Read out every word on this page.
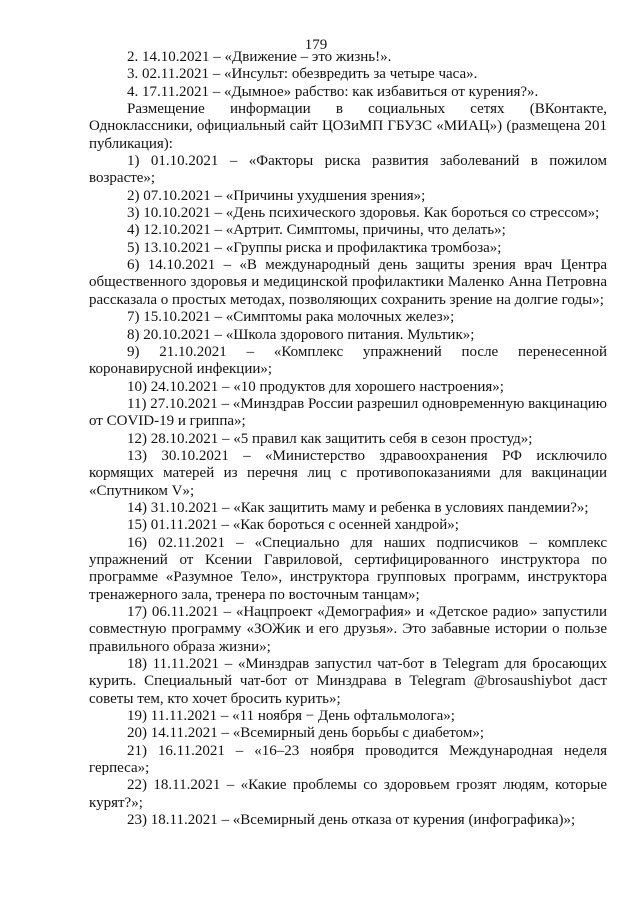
179

2. 14.10.2021 – «Движение – это жизнь!».

3. 02.11.2021 – «Инсульт: обезвредить за четыре часа».

4. 17.11.2021 – «Дымное» рабство: как избавиться от курения?».

Размещение информации в социальных сетях (ВКонтакте, Одноклассники, официальный сайт ЦОЗиМП ГБУЗС «МИАЦ») (размещена 201 публикация):

1) 01.10.2021 – «Факторы риска развития заболеваний в пожилом возрасте»;

2) 07.10.2021 – «Причины ухудшения зрения»;

3) 10.10.2021 – «День психического здоровья. Как бороться со стрессом»;

4) 12.10.2021 – «Артрит. Симптомы, причины, что делать»;

5) 13.10.2021 – «Группы риска и профилактика тромбоза»;

6) 14.10.2021 – «В международный день защиты зрения врач Центра общественного здоровья и медицинской профилактики Маленко Анна Петровна рассказала о простых методах, позволяющих сохранить зрение на долгие годы»;

7) 15.10.2021 – «Симптомы рака молочных желез»;

8) 20.10.2021 – «Школа здорового питания. Мультик»;

9) 21.10.2021 – «Комплекс упражнений после перенесенной коронавирусной инфекции»;

10) 24.10.2021 – «10 продуктов для хорошего настроения»;

11) 27.10.2021 – «Минздрав России разрешил одновременную вакцинацию от COVID-19 и гриппа»;

12) 28.10.2021 – «5 правил как защитить себя в сезон простуд»;

13) 30.10.2021 – «Министерство здравоохранения РФ исключило кормящих матерей из перечня лиц с противопоказаниями для вакцинации «Спутником V»;

14) 31.10.2021 – «Как защитить маму и ребенка в условиях пандемии?»;

15) 01.11.2021 – «Как бороться с осенней хандрой»;

16) 02.11.2021 – «Специально для наших подписчиков – комплекс упражнений от Ксении Гавриловой, сертифицированного инструктора по программе «Разумное Тело», инструктора групповых программ, инструктора тренажерного зала, тренера по восточным танцам»;

17) 06.11.2021 – «Нацпроект «Демография» и «Детское радио» запустили совместную программу «ЗОЖик и его друзья». Это забавные истории о пользе правильного образа жизни»;

18) 11.11.2021 – «Минздрав запустил чат-бот в Telegram для бросающих курить. Специальный чат-бот от Минздрава в Telegram @brosaushiybot даст советы тем, кто хочет бросить курить»;

19) 11.11.2021 – «11 ноября − День офтальмолога»;

20) 14.11.2021 – «Всемирный день борьбы с диабетом»;

21) 16.11.2021 – «16–23 ноября проводится Международная неделя герпеса»;

22) 18.11.2021 – «Какие проблемы со здоровьем грозят людям, которые курят?»;

23) 18.11.2021 – «Всемирный день отказа от курения (инфографика)»;
